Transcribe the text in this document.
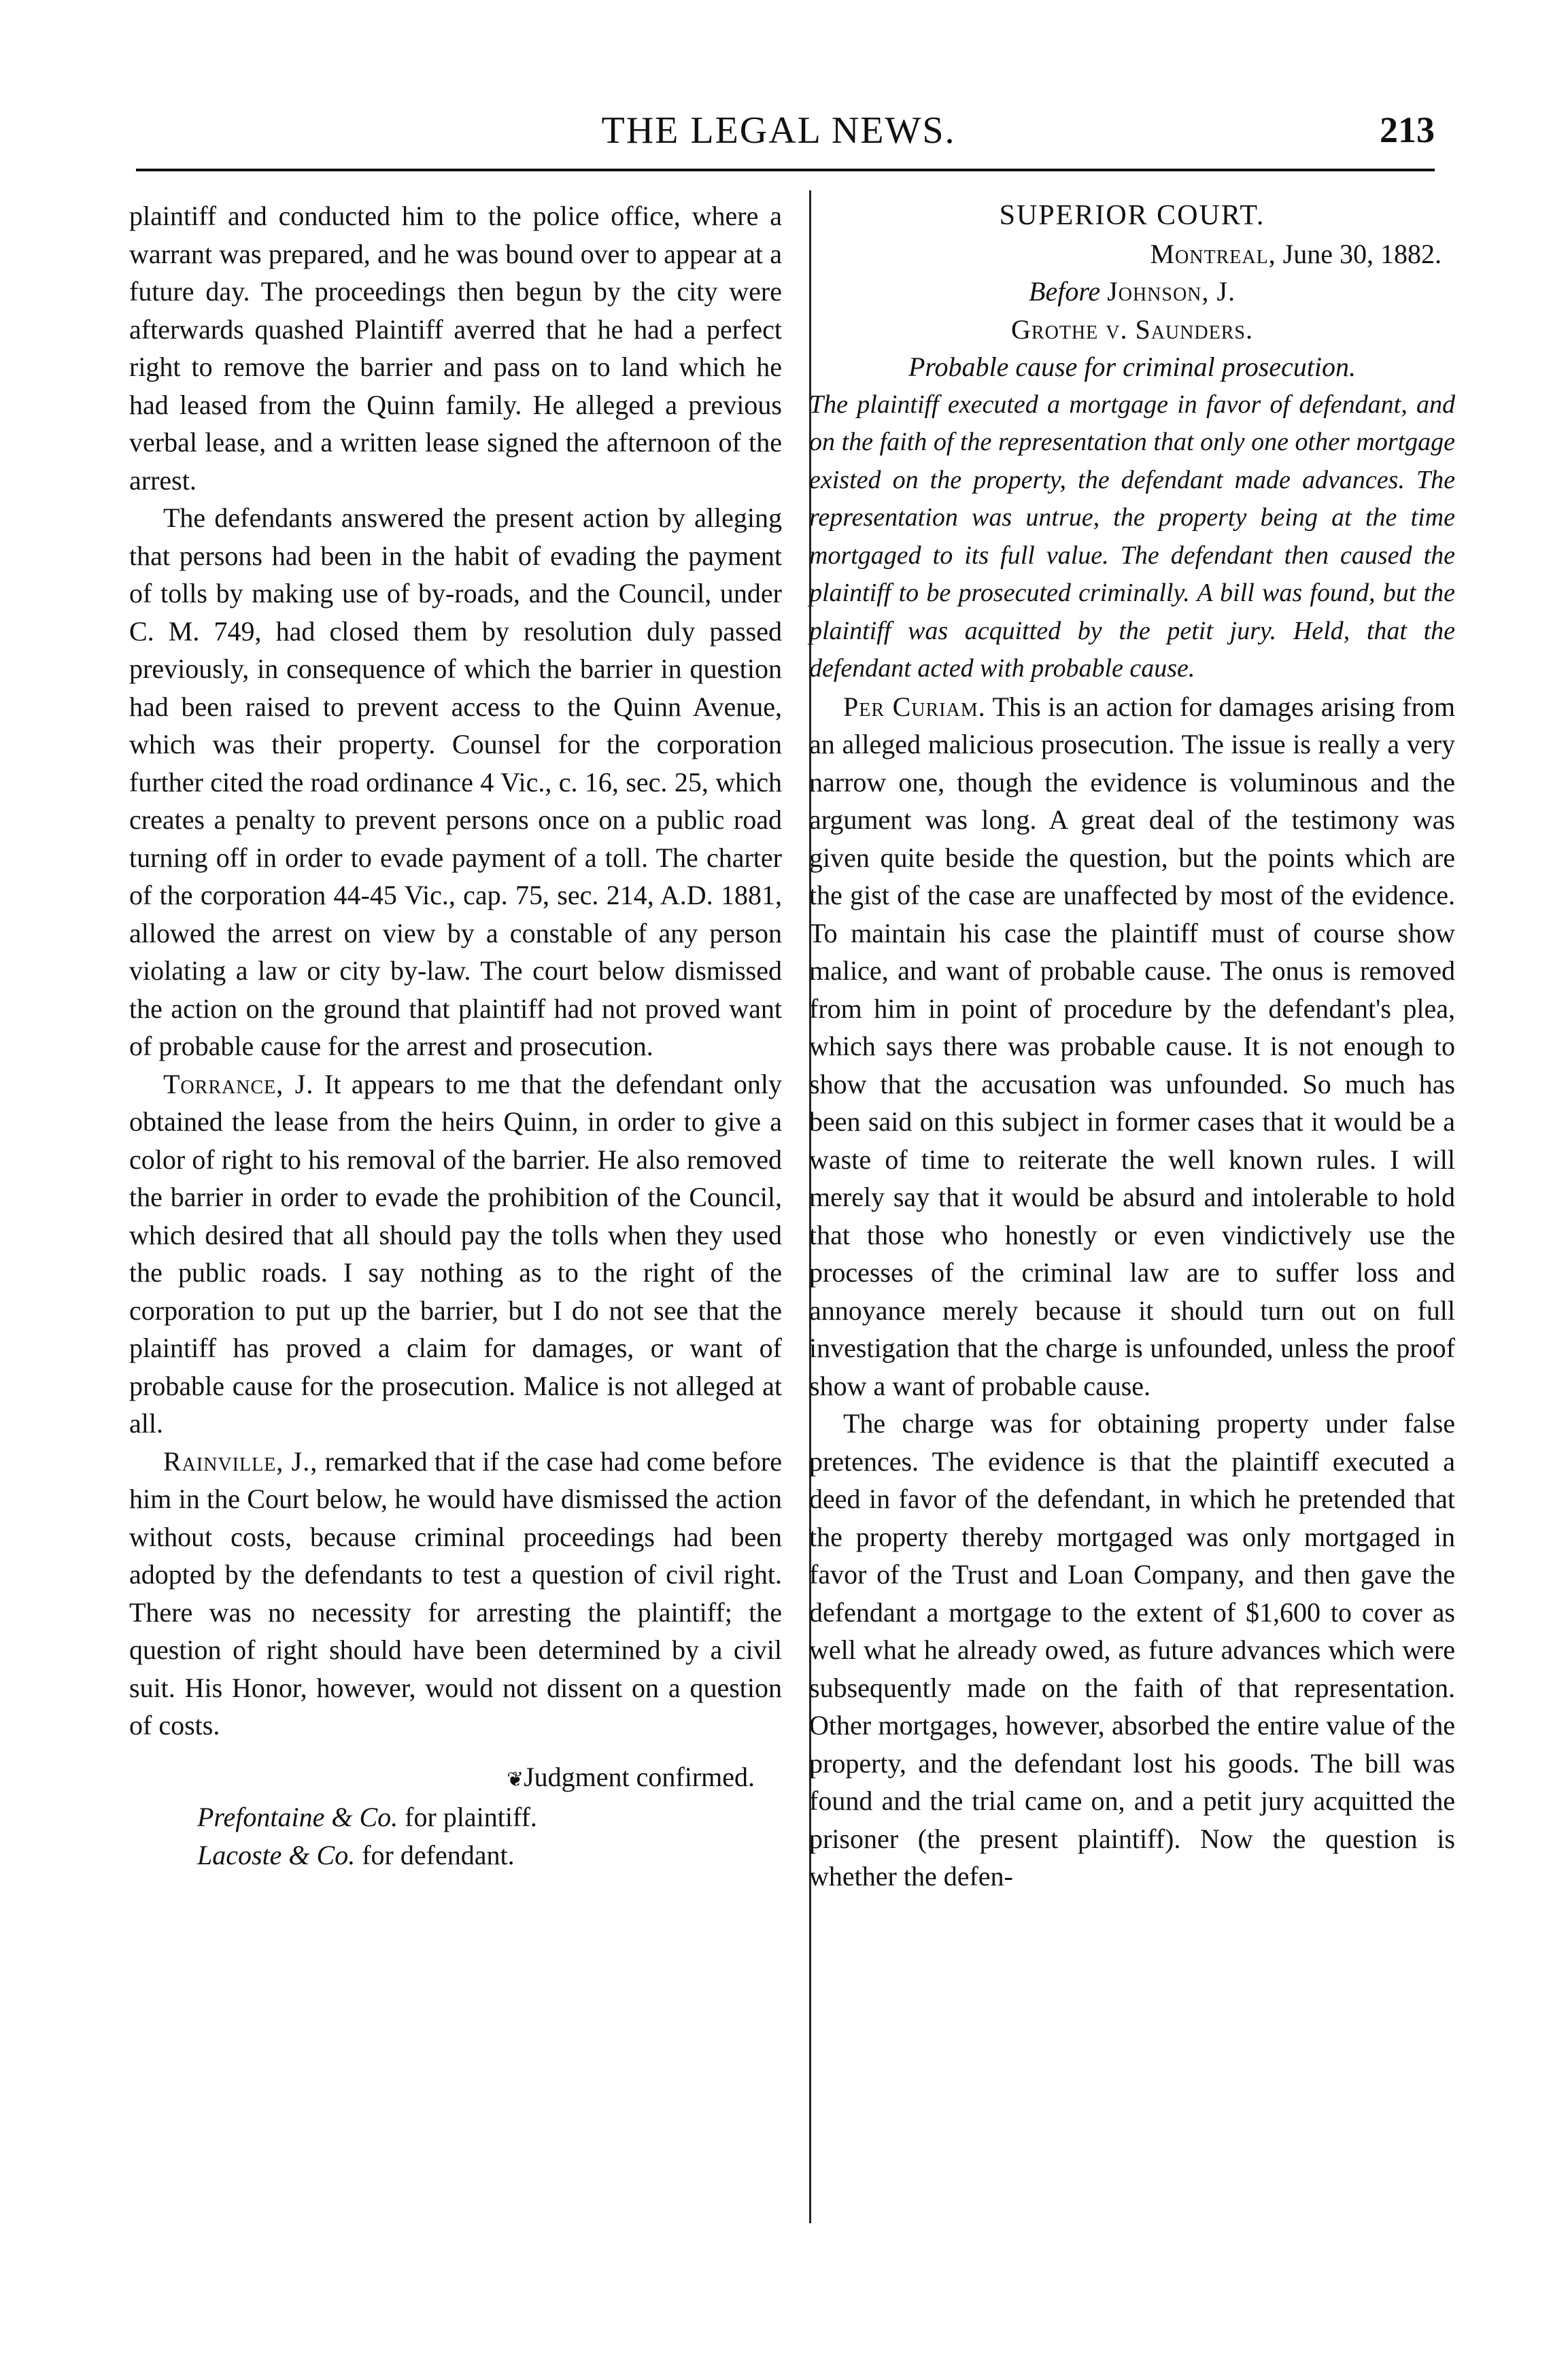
THE LEGAL NEWS.	213

plaintiff and conducted him to the police office, where a warrant was prepared, and he was bound over to appear at a future day. The proceedings then begun by the city were afterwards quashed Plaintiff averred that he had a perfect right to remove the barrier and pass on to land which he had leased from the Quinn family. He alleged a previous verbal lease, and a written lease signed the afternoon of the arrest.

The defendants answered the present action by alleging that persons had been in the habit of evading the payment of tolls by making use of by-roads, and the Council, under C. M. 749, had closed them by resolution duly passed previously, in consequence of which the barrier in question had been raised to prevent access to the Quinn Avenue, which was their property. Counsel for the corporation further cited the road ordinance 4 Vic., c. 16, sec. 25, which creates a penalty to prevent persons once on a public road turning off in order to evade payment of a toll. The charter of the corporation 44-45 Vic., cap. 75, sec. 214, A.D. 1881, allowed the arrest on view by a constable of any person violating a law or city by-law. The court below dismissed the action on the ground that plaintiff had not proved want of probable cause for the arrest and prosecution.

Torrance, J. It appears to me that the defendant only obtained the lease from the heirs Quinn, in order to give a color of right to his removal of the barrier. He also removed the barrier in order to evade the prohibition of the Council, which desired that all should pay the tolls when they used the public roads. I say nothing as to the right of the corporation to put up the barrier, but I do not see that the plaintiff has proved a claim for damages, or want of probable cause for the prosecution. Malice is not alleged at all.

Rainville, J., remarked that if the case had come before him in the Court below, he would have dismissed the action without costs, because criminal proceedings had been adopted by the defendants to test a question of civil right. There was no necessity for arresting the plaintiff; the question of right should have been determined by a civil suit. His Honor, however, would not dissent on a question of costs.

❦Judgment confirmed.

Prefontaine & Co. for plaintiff.

Lacoste & Co. for defendant.

SUPERIOR COURT.

Montreal, June 30, 1882.

Before Johnson, J.

Grothe v. Saunders.

Probable cause for criminal prosecution.

The plaintiff executed a mortgage in favor of defendant, and on the faith of the representation that only one other mortgage existed on the property, the defendant made advances. The representation was untrue, the property being at the time mortgaged to its full value. The defendant then caused the plaintiff to be prosecuted criminally. A bill was found, but the plaintiff was acquitted by the petit jury. Held, that the defendant acted with probable cause.

Per Curiam. This is an action for damages arising from an alleged malicious prosecution. The issue is really a very narrow one, though the evidence is voluminous and the argument was long. A great deal of the testimony was given quite beside the question, but the points which are the gist of the case are unaffected by most of the evidence. To maintain his case the plaintiff must of course show malice, and want of probable cause. The onus is removed from him in point of procedure by the defendant's plea, which says there was probable cause. It is not enough to show that the accusation was unfounded. So much has been said on this subject in former cases that it would be a waste of time to reiterate the well known rules. I will merely say that it would be absurd and intolerable to hold that those who honestly or even vindictively use the processes of the criminal law are to suffer loss and annoyance merely because it should turn out on full investigation that the charge is unfounded, unless the proof show a want of probable cause.

The charge was for obtaining property under false pretences. The evidence is that the plaintiff executed a deed in favor of the defendant, in which he pretended that the property thereby mortgaged was only mortgaged in favor of the Trust and Loan Company, and then gave the defendant a mortgage to the extent of $1,600 to cover as well what he already owed, as future advances which were subsequently made on the faith of that representation. Other mortgages, however, absorbed the entire value of the property, and the defendant lost his goods. The bill was found and the trial came on, and a petit jury acquitted the prisoner (the present plaintiff). Now the question is whether the defen-
